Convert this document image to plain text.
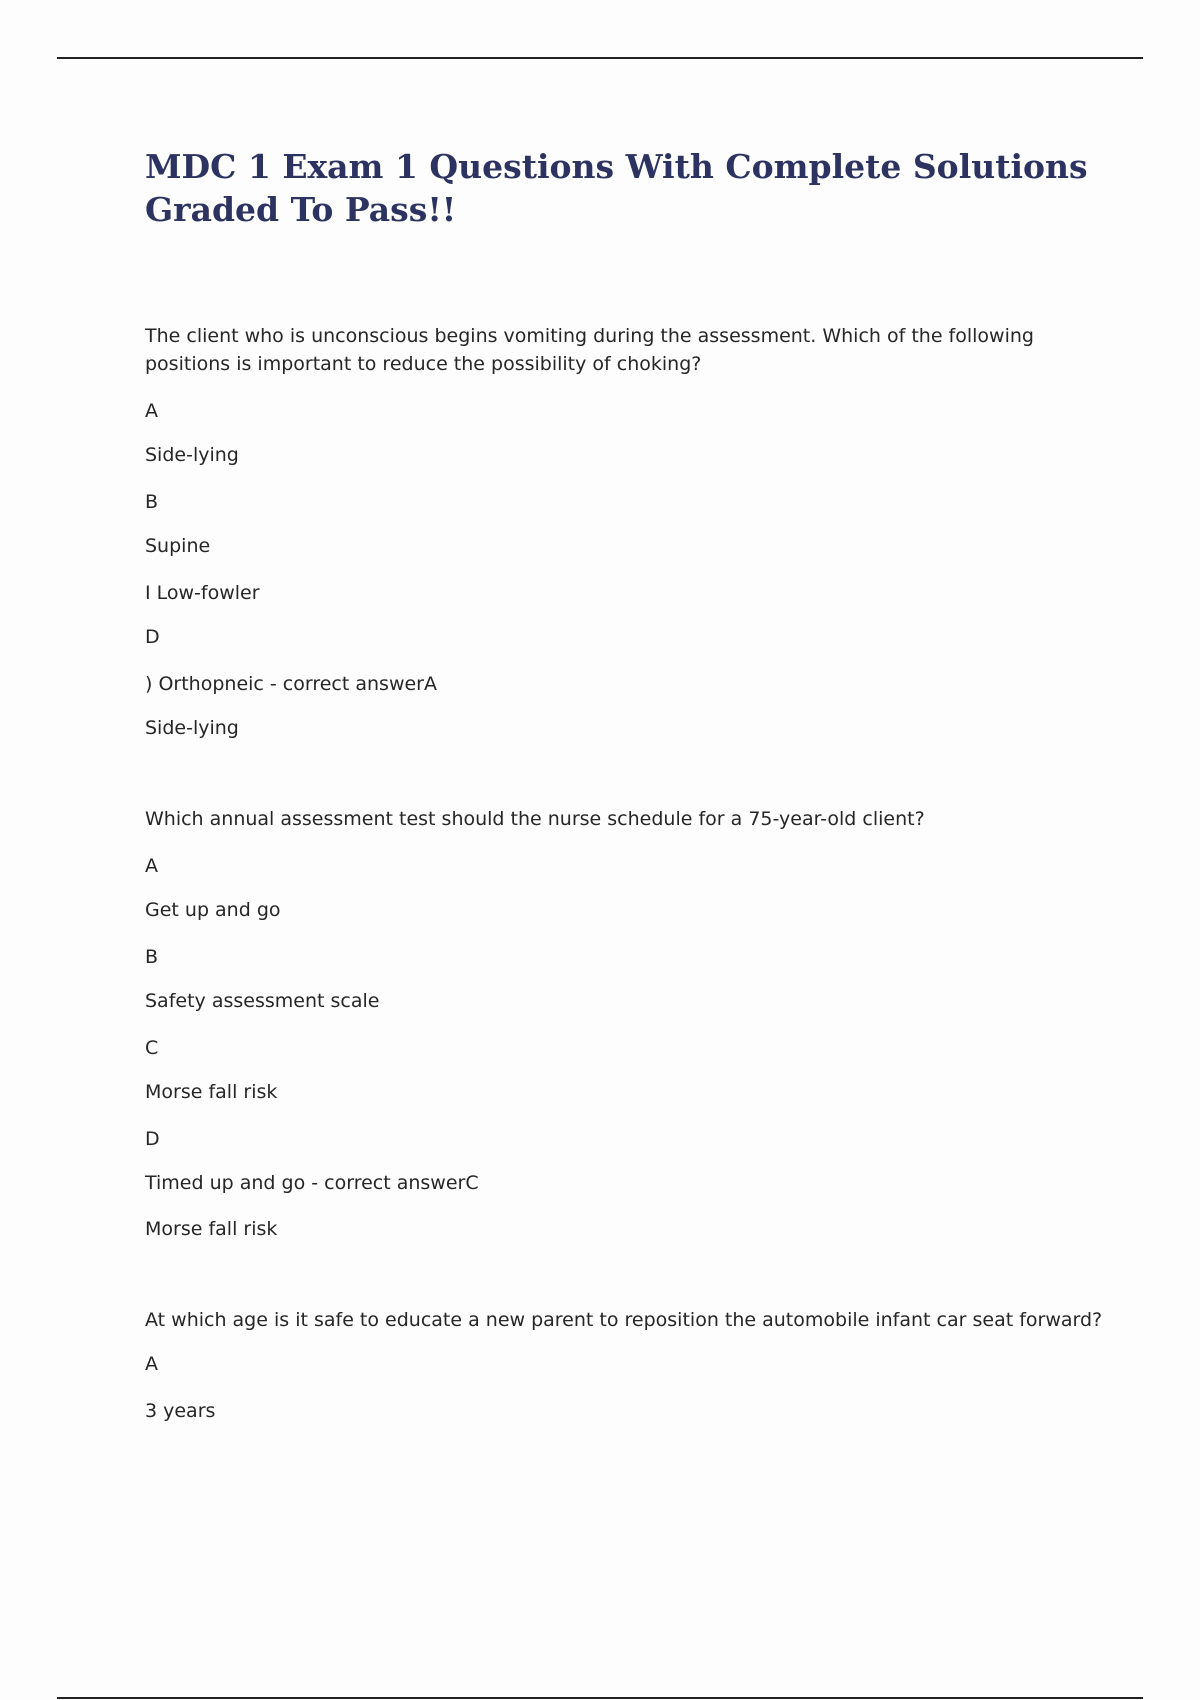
MDC 1 Exam 1 Questions With Complete Solutions Graded To Pass!!

The client who is unconscious begins vomiting during the assessment. Which of the following positions is important to reduce the possibility of choking?

A

Side-lying

B

Supine

I Low-fowler

D

) Orthopneic - correct answerA

Side-lying

Which annual assessment test should the nurse schedule for a 75-year-old client?

A

Get up and go

B

Safety assessment scale

C

Morse fall risk

D

Timed up and go - correct answerC

Morse fall risk

At which age is it safe to educate a new parent to reposition the automobile infant car seat forward?

A

3 years
